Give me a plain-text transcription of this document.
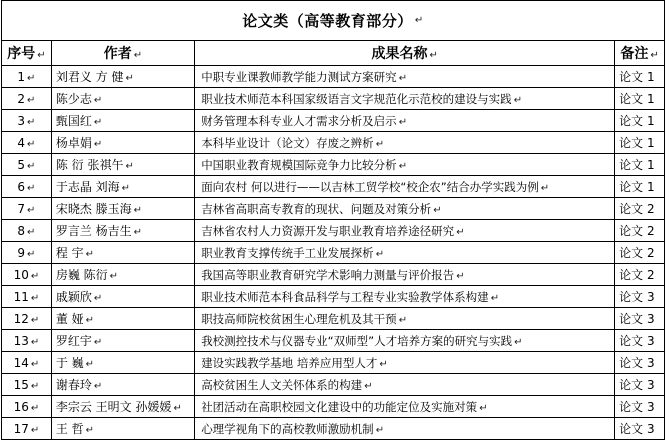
论文类（高等教育部分） ↵
序号 ↵	作者 ↵	成果名称 ↵	备注 ↵
1 ↵	刘君义 方 健 ↵	中职专业课教师教学能力测试方案研究 ↵	论文 1
2 ↵	陈少志 ↵	职业技术师范本科国家级语言文字规范化示范校的建设与实践 ↵	论文 1
3 ↵	甄国红 ↵	财务管理本科专业人才需求分析及启示 ↵	论文 1
4 ↵	杨卓娟 ↵	本科毕业设计（论文）存废之辨析 ↵	论文 1
5 ↵	陈 衍 张祺午 ↵	中国职业教育规模国际竞争力比较分析 ↵	论文 1
6 ↵	于志晶 刘海 ↵	面向农村 何以进行——以吉林工贸学校“校企农”结合办学实践为例 ↵	论文 1
7 ↵	宋晓杰 滕玉海 ↵	吉林省高职高专教育的现状、问题及对策分析 ↵	论文 2
8 ↵	罗言兰 杨吉生 ↵	吉林省农村人力资源开发与职业教育培养途径研究 ↵	论文 2
9 ↵	程 宇 ↵	职业教育支撑传统手工业发展探析 ↵	论文 2
10 ↵	房巍 陈衍 ↵	我国高等职业教育研究学术影响力测量与评价报告 ↵	论文 2
11 ↵	戚颖欣 ↵	职业技术师范本科食品科学与工程专业实验教学体系构建 ↵	论文 3
12 ↵	董 娅 ↵	职技高师院校贫困生心理危机及其干预 ↵	论文 3
13 ↵	罗红宇 ↵	我校测控技术与仪器专业“双师型”人才培养方案的研究与实践 ↵	论文 3
14 ↵	于 巍 ↵	建设实践教学基地 培养应用型人才 ↵	论文 3
15 ↵	谢春玲 ↵	高校贫困生人文关怀体系的构建 ↵	论文 3
16 ↵	李宗云 王明文 孙媛媛 ↵	社团活动在高职校园文化建设中的功能定位及实施对策 ↵	论文 3
17 ↵	王 哲 ↵	心理学视角下的高校教师激励机制 ↵	论文 3
